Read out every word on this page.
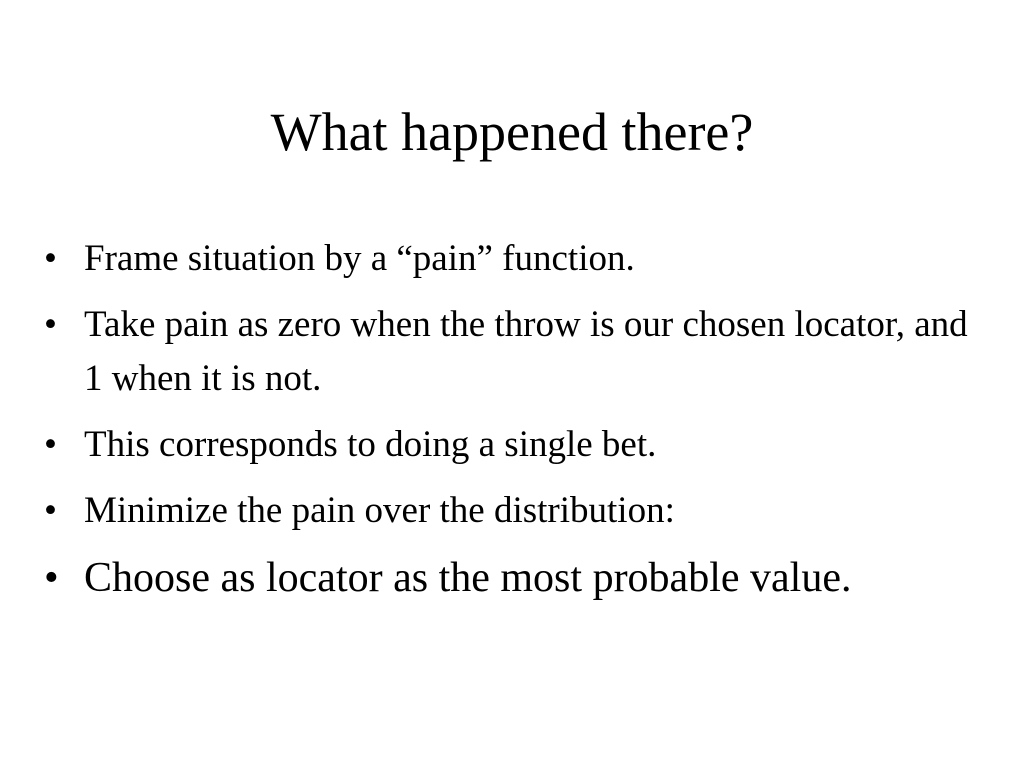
What happened there?
• Frame situation by a “pain” function.
• Take pain as zero when the throw is our chosen locator, and 1 when it is not.
• This corresponds to doing a single bet.
• Minimize the pain over the distribution:
• Choose as locator as the most probable value.
